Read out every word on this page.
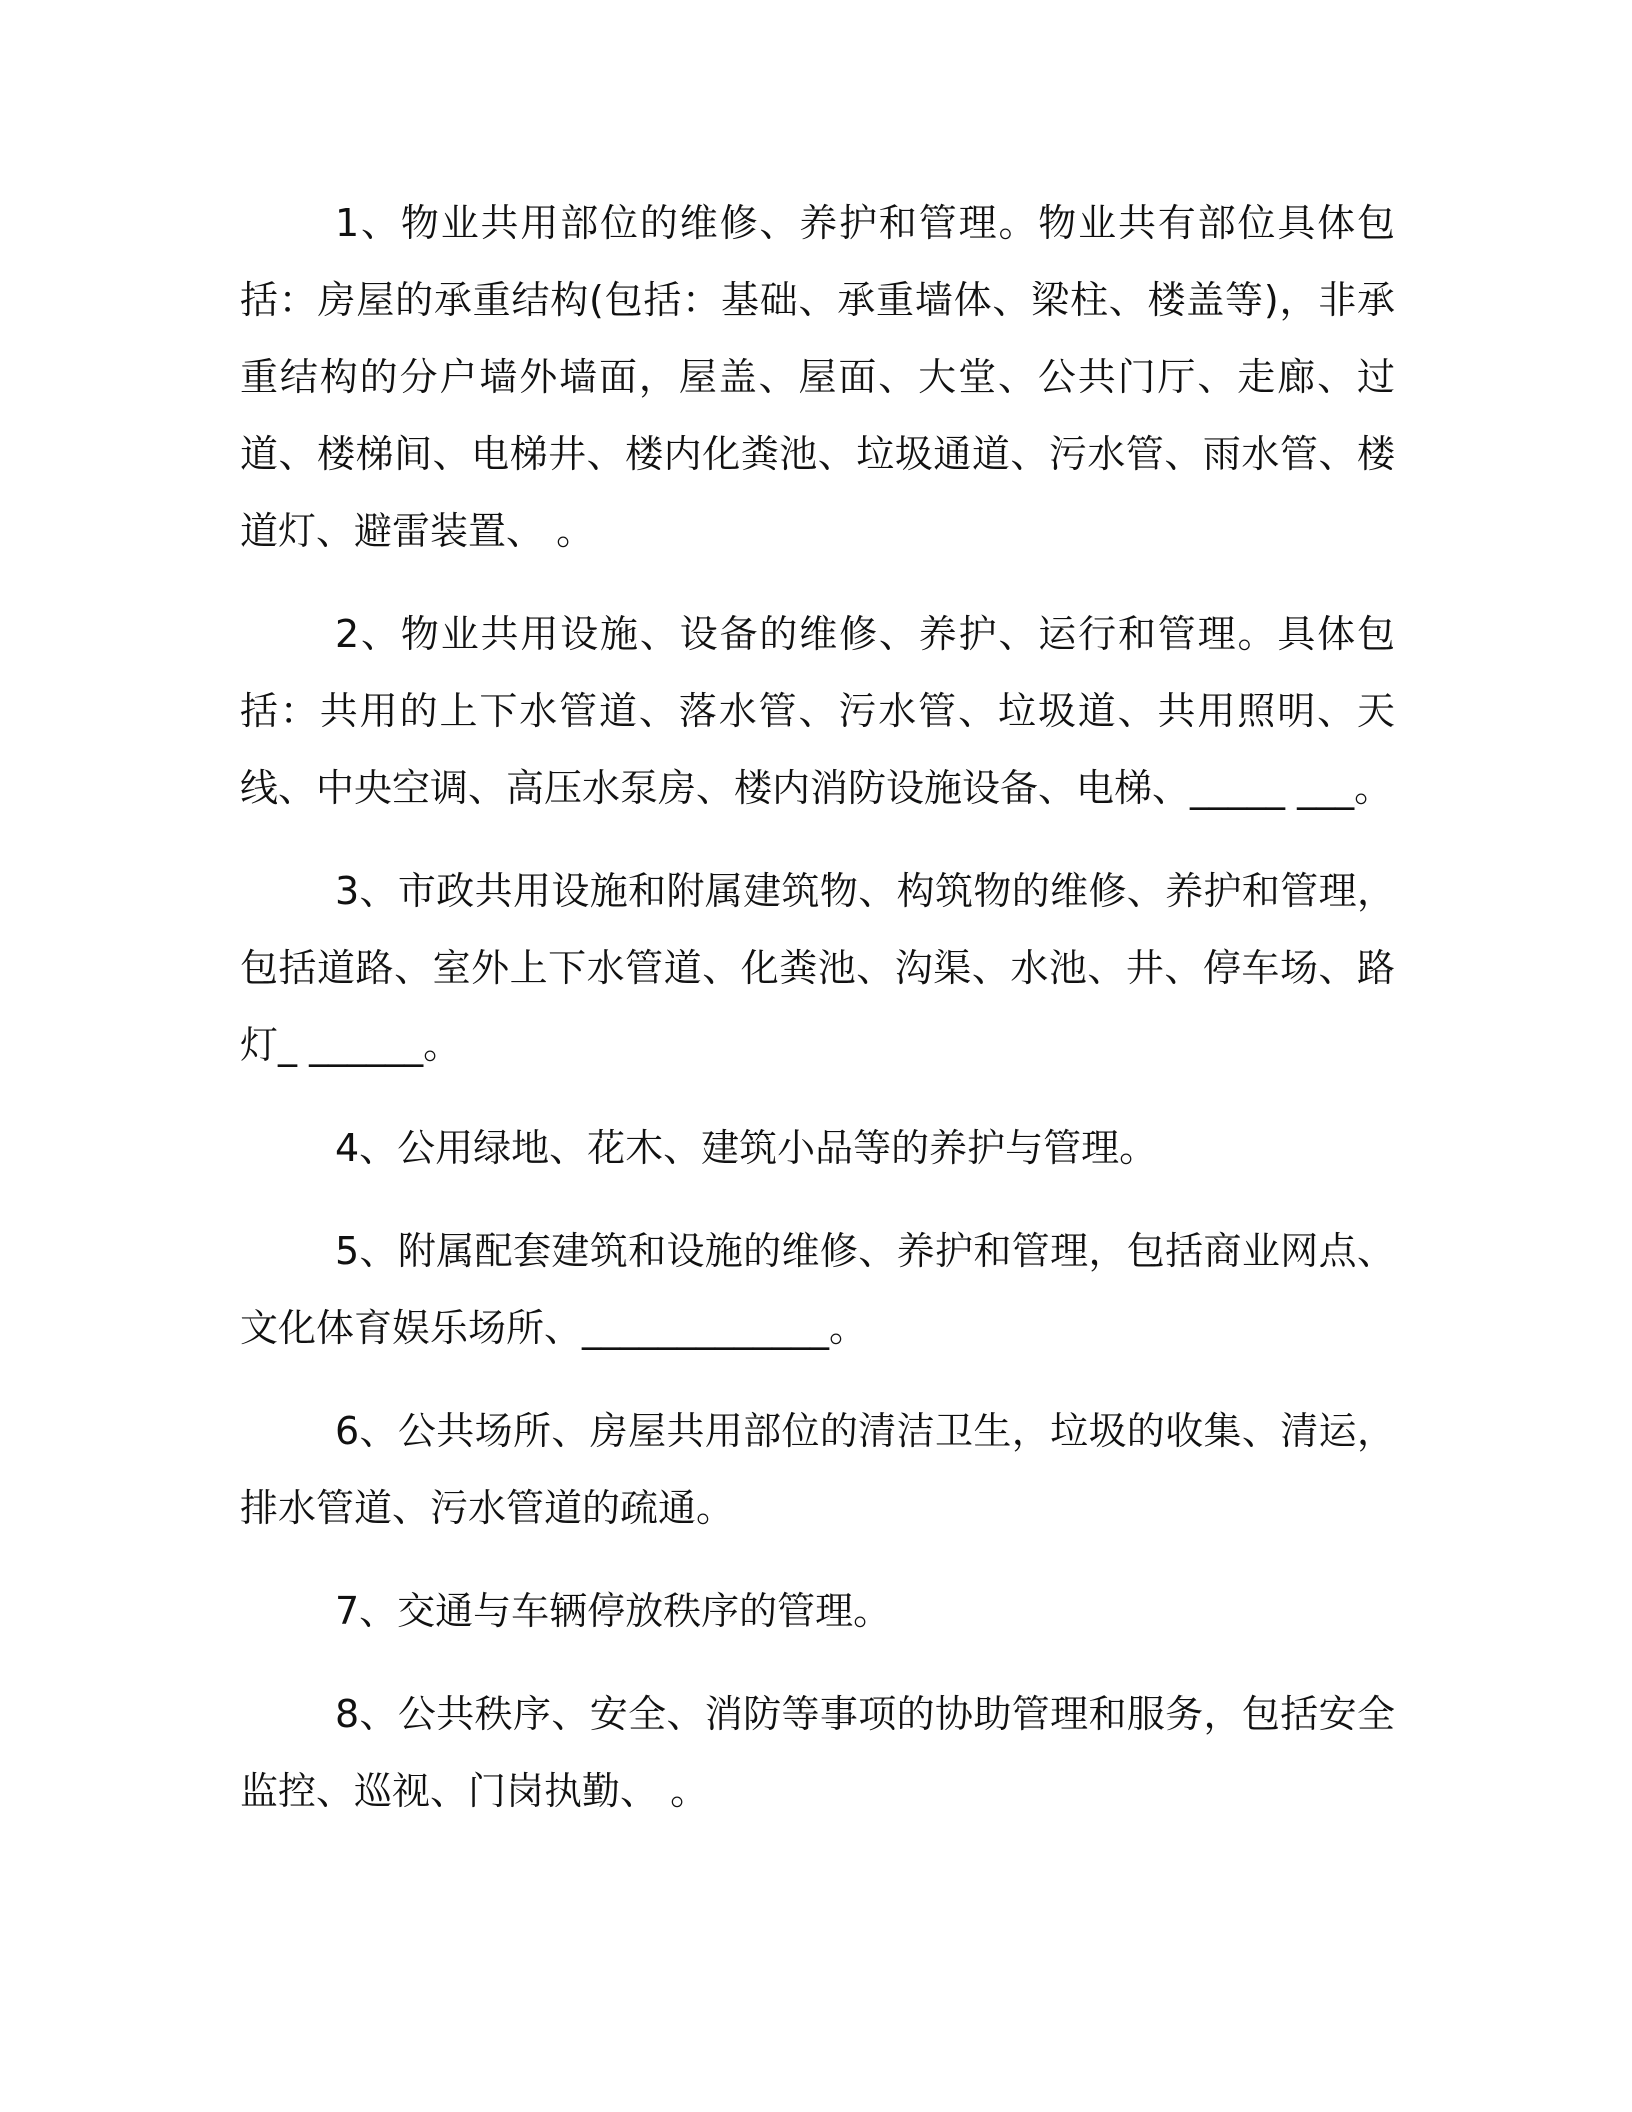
1、物业共用部位的维修、养护和管理。物业共有部位具体包括：房屋的承重结构(包括：基础、承重墙体、梁柱、楼盖等)，非承重结构的分户墙外墙面，屋盖、屋面、大堂、公共门厅、走廊、过道、楼梯间、电梯井、楼内化粪池、垃圾通道、污水管、雨水管、楼道灯、避雷装置、 。

2、物业共用设施、设备的维修、养护、运行和管理。具体包括：共用的上下水管道、落水管、污水管、垃圾道、共用照明、天线、中央空调、高压水泵房、楼内消防设施设备、电梯、_____ ___。

3、市政共用设施和附属建筑物、构筑物的维修、养护和管理，包括道路、室外上下水管道、化粪池、沟渠、水池、井、停车场、路灯_ ______。

4、公用绿地、花木、建筑小品等的养护与管理。

5、附属配套建筑和设施的维修、养护和管理，包括商业网点、文化体育娱乐场所、_____________。

6、公共场所、房屋共用部位的清洁卫生，垃圾的收集、清运，排水管道、污水管道的疏通。

7、交通与车辆停放秩序的管理。

8、公共秩序、安全、消防等事项的协助管理和服务，包括安全监控、巡视、门岗执勤、 。
